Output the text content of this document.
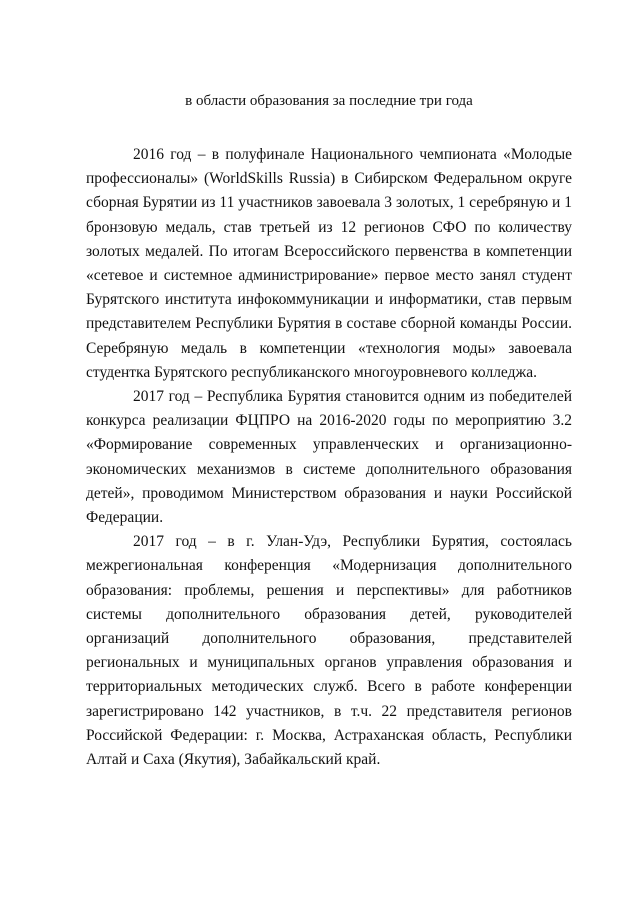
в области образования за последние три года

2016 год – в полуфинале Национального чемпионата «Молодые профессионалы» (WorldSkills Russia) в Сибирском Федеральном округе сборная Бурятии из 11 участников завоевала 3 золотых, 1 серебряную и 1 бронзовую медаль, став третьей из 12 регионов СФО по количеству золотых медалей. По итогам Всероссийского первенства в компетенции «сетевое и системное администрирование» первое место занял студент Бурятского института инфокоммуникации и информатики, став первым представителем Республики Бурятия в составе сборной команды России. Серебряную медаль в компетенции «технология моды» завоевала студентка Бурятского республиканского многоуровневого колледжа.

2017 год – Республика Бурятия становится одним из победителей конкурса реализации ФЦПРО на 2016-2020 годы по мероприятию 3.2 «Формирование современных управленческих и организационно-экономических механизмов в системе дополнительного образования детей», проводимом Министерством образования и науки Российской Федерации.

2017 год – в г. Улан-Удэ, Республики Бурятия, состоялась межрегиональная конференция «Модернизация дополнительного образования: проблемы, решения и перспективы» для работников системы дополнительного образования детей, руководителей организаций дополнительного образования, представителей региональных и муниципальных органов управления образования и территориальных методических служб. Всего в работе конференции зарегистрировано 142 участников, в т.ч. 22 представителя регионов Российской Федерации: г. Москва, Астраханская область, Республики Алтай и Саха (Якутия), Забайкальский край.
